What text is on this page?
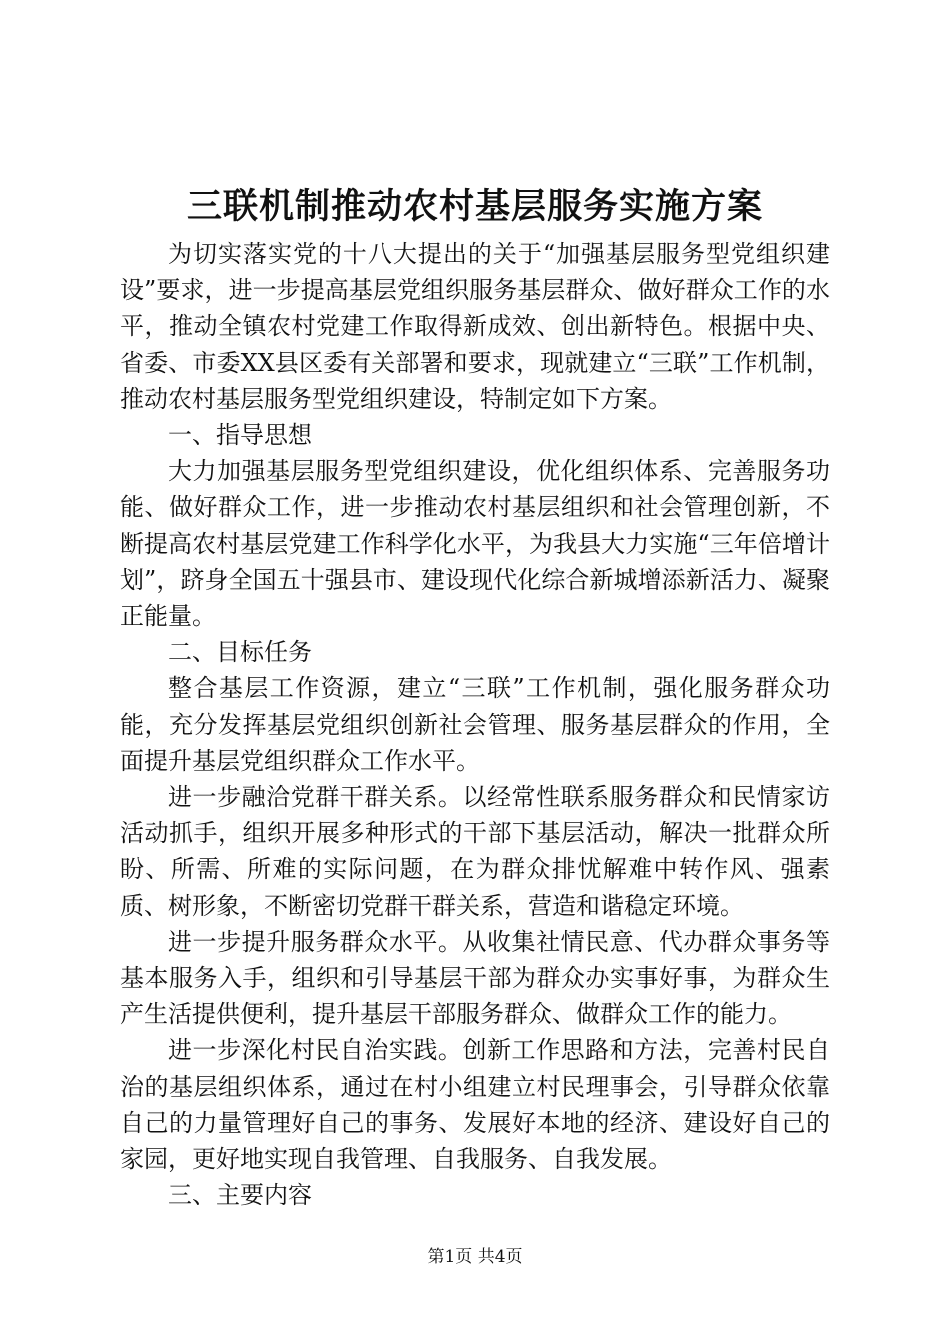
三联机制推动农村基层服务实施方案

为切实落实党的十八大提出的关于“加强基层服务型党组织建设”要求，进一步提高基层党组织服务基层群众、做好群众工作的水平，推动全镇农村党建工作取得新成效、创出新特色。根据中央、省委、市委XX县区委有关部署和要求，现就建立“三联”工作机制，推动农村基层服务型党组织建设，特制定如下方案。

一、指导思想

大力加强基层服务型党组织建设，优化组织体系、完善服务功能、做好群众工作，进一步推动农村基层组织和社会管理创新，不断提高农村基层党建工作科学化水平，为我县大力实施“三年倍增计划”，跻身全国五十强县市、建设现代化综合新城增添新活力、凝聚正能量。

二、目标任务

整合基层工作资源，建立“三联”工作机制，强化服务群众功能，充分发挥基层党组织创新社会管理、服务基层群众的作用，全面提升基层党组织群众工作水平。

进一步融洽党群干群关系。以经常性联系服务群众和民情家访活动抓手，组织开展多种形式的干部下基层活动，解决一批群众所盼、所需、所难的实际问题，在为群众排忧解难中转作风、强素质、树形象，不断密切党群干群关系，营造和谐稳定环境。

进一步提升服务群众水平。从收集社情民意、代办群众事务等基本服务入手，组织和引导基层干部为群众办实事好事，为群众生产生活提供便利，提升基层干部服务群众、做群众工作的能力。

进一步深化村民自治实践。创新工作思路和方法，完善村民自治的基层组织体系，通过在村小组建立村民理事会，引导群众依靠自己的力量管理好自己的事务、发展好本地的经济、建设好自己的家园，更好地实现自我管理、自我服务、自我发展。

三、主要内容

第1页 共4页
